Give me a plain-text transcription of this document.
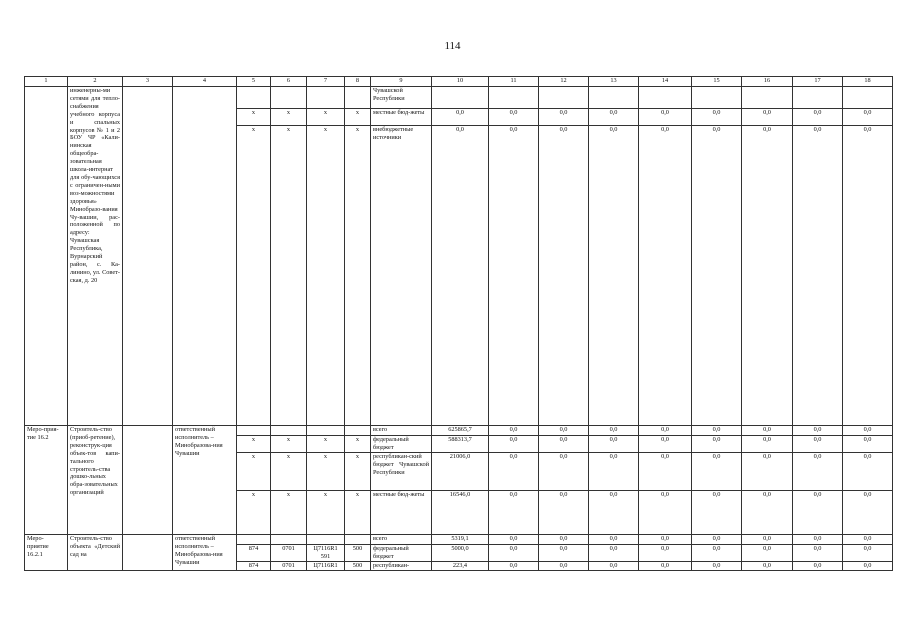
114
1	2	3	4	5	6	7	8	9	10	11	12	13	14	15	16	17	18
	инженерны-ми сетями для тепло-снабжения учебного корпуса и спальных корпусов № 1 и 2 БОУ ЧР «Кали-нинская общеобра-зовательная школа-интернат для обу-чающихся с ограничен-ными воз-можностями здоровья» Минобразо-вания Чу-вашии, рас-положенной по адресу: Чувашская Республика, Вурнарский район, с. Ка-линино, ул. Совет-ская, д. 20							Чувашской Республики									
				x	x	x	x	местные бюд-жеты	0,0	0,0	0,0	0,0	0,0	0,0	0,0	0,0	0,0
				x	x	x	x	внебюджетные источники	0,0	0,0	0,0	0,0	0,0	0,0	0,0	0,0	0,0
Меро-прия-тие 16.2	Строитель-ство (приоб-ретение), реконструк-ция объек-тов капи-тального строитель-ства дошко-льных обра-зовательных организаций		ответственный исполнитель – Минобразова-ния Чувашии					всего	625865,7	0,0	0,0	0,0	0,0	0,0	0,0	0,0	0,0
				x	x	x	x	федеральный бюджет	588313,7	0,0	0,0	0,0	0,0	0,0	0,0	0,0	0,0
				x	x	x	x	республикан-ский бюджет Чувашской Республики	21006,0	0,0	0,0	0,0	0,0	0,0	0,0	0,0	0,0
				x	x	x	x	местные бюд-жеты	16546,0	0,0	0,0	0,0	0,0	0,0	0,0	0,0	0,0
Меро-приятие 16.2.1	Строитель-ство объекта «Детский сад на		ответственный исполнитель – Минобразова-ния Чувашии					всего	5319,1	0,0	0,0	0,0	0,0	0,0	0,0	0,0	0,0
				874	0701	Ц7116R1 591	500	федеральный бюджет	5000,0	0,0	0,0	0,0	0,0	0,0	0,0	0,0	0,0
				874	0701	Ц7116R1	500	республикан-	223,4	0,0	0,0	0,0	0,0	0,0	0,0	0,0	0,0
